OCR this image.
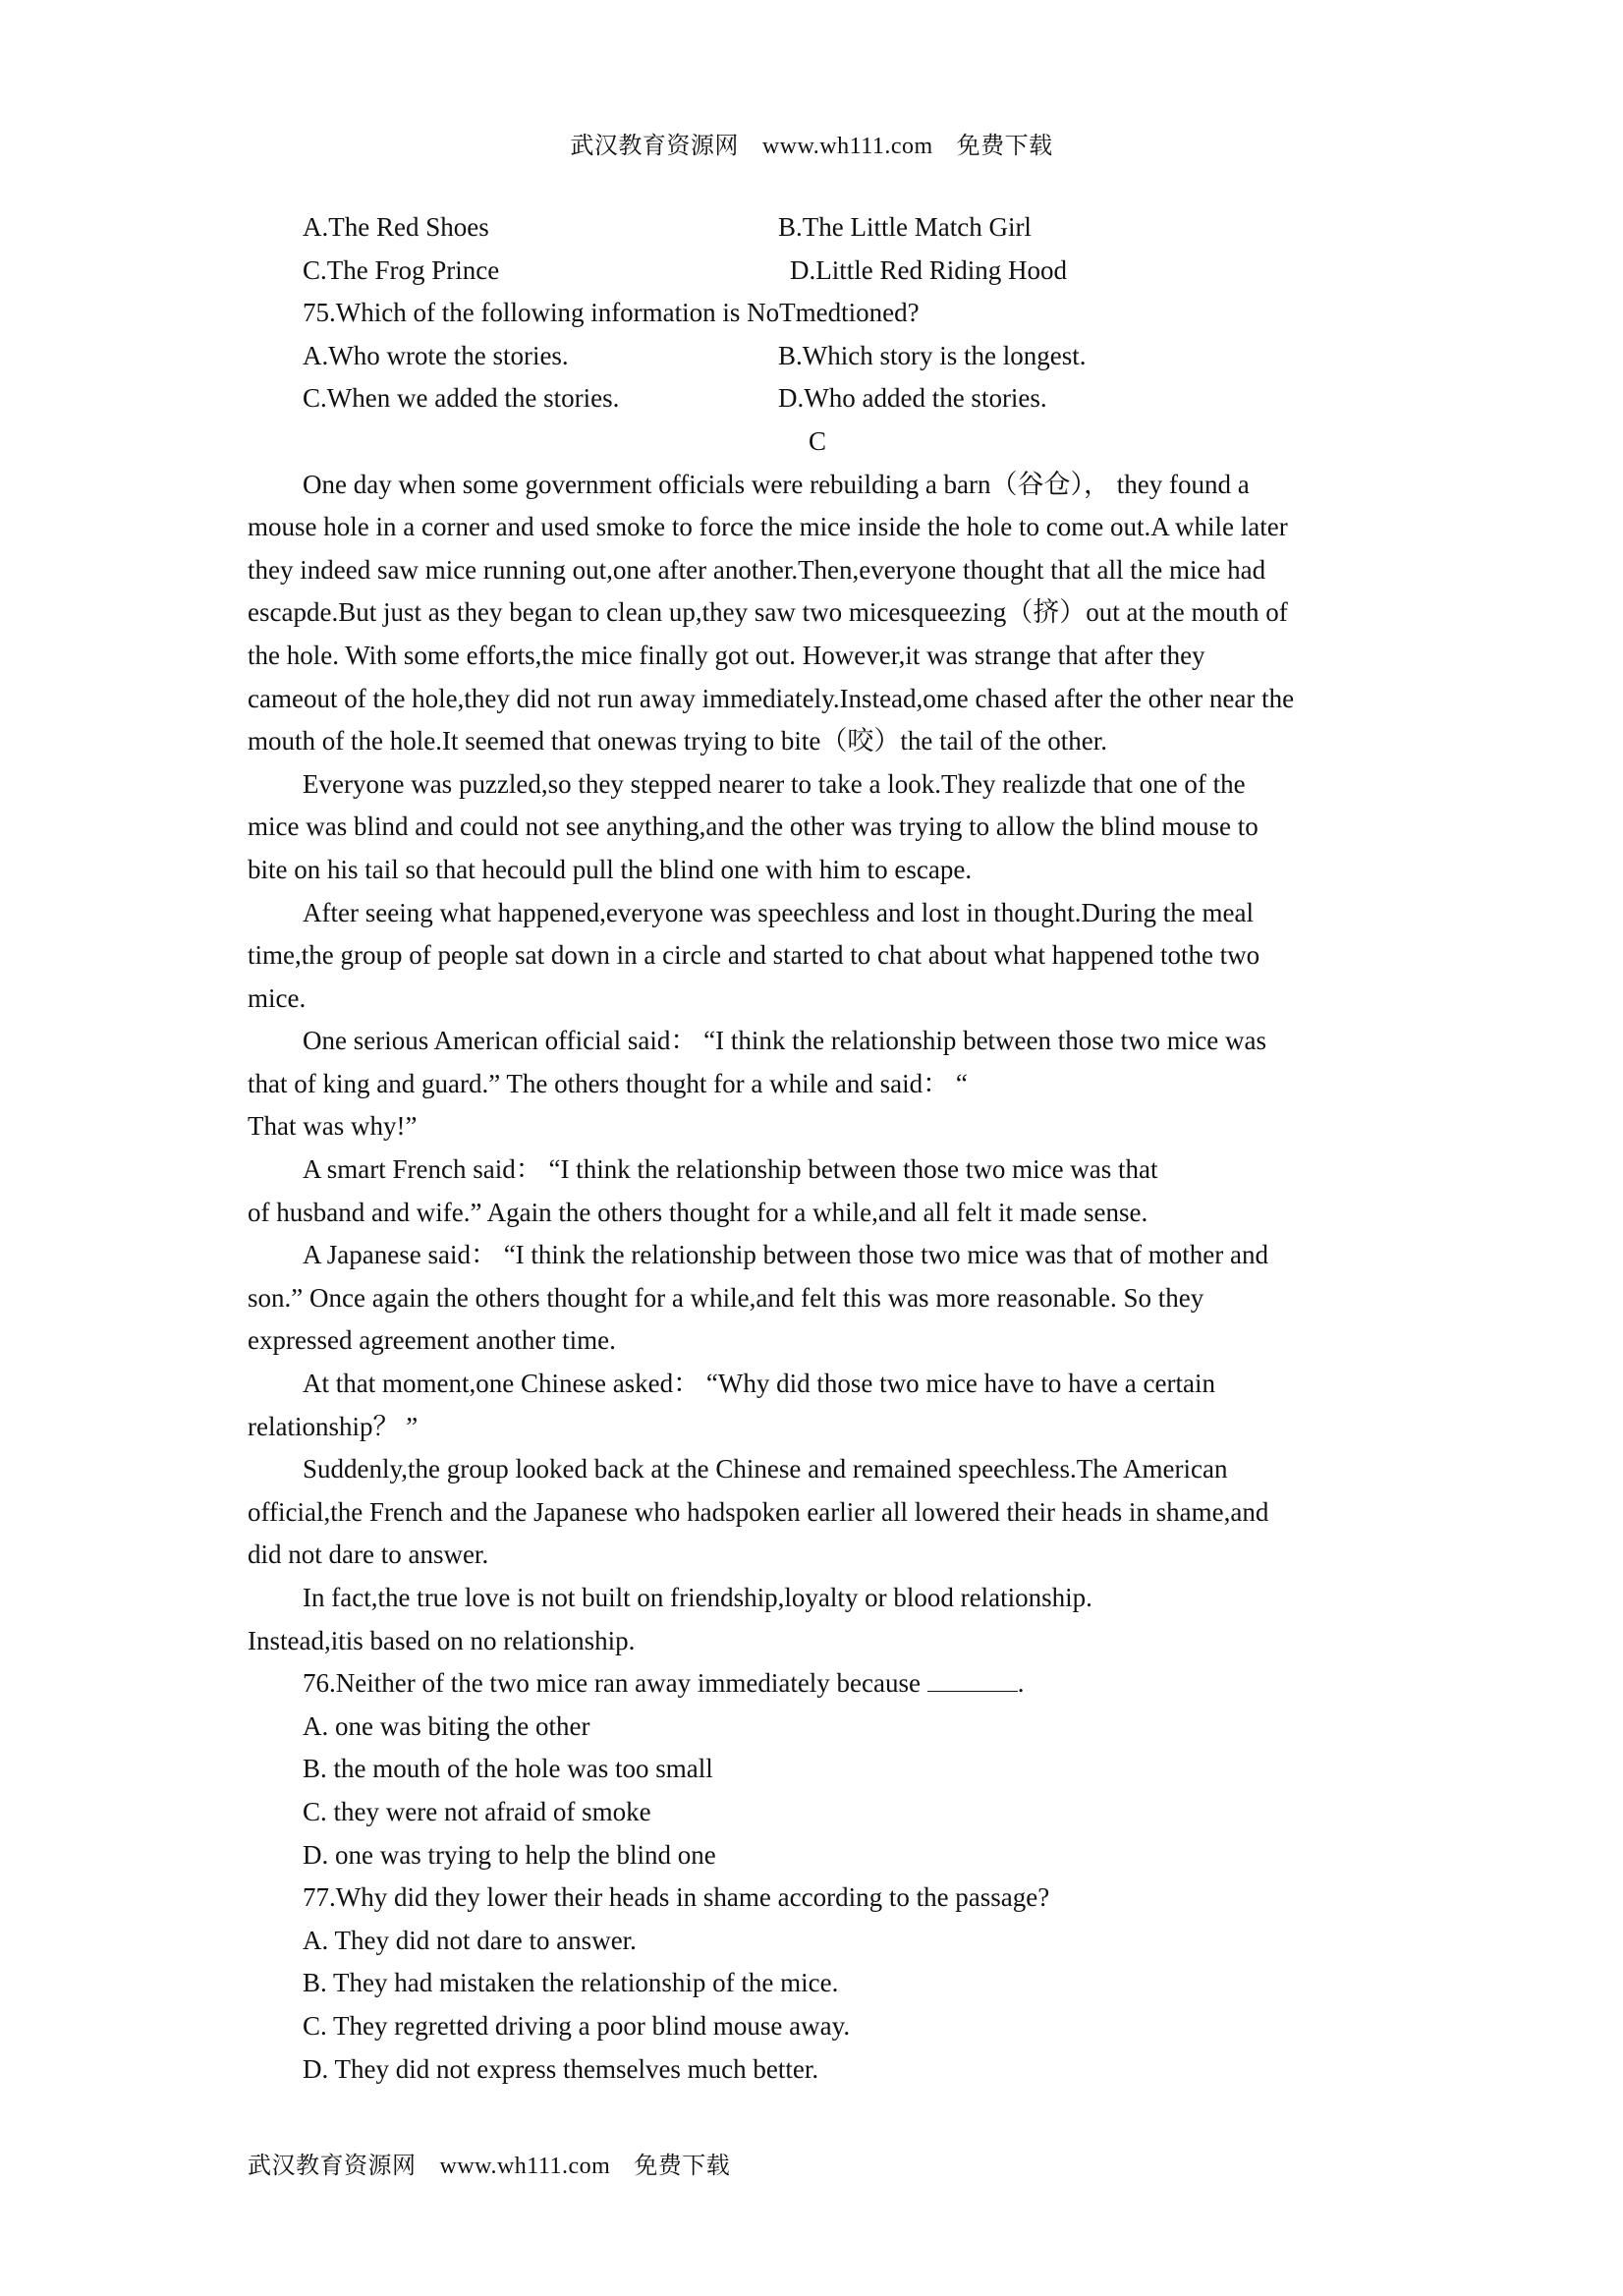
武汉教育资源网 www.wh111.com 免费下载
A.The Red Shoes	B.The Little Match Girl
C.The Frog Prince	D.Little Red Riding Hood
75.Which of the following information is NoTmedtioned?
A.Who wrote the stories.	B.Which story is the longest.
C.When we added the stories.	D.Who added the stories.
C
One day when some government officials were rebuilding a barn（谷仓）， they found a
mouse hole in a corner and used smoke to force the mice inside the hole to come out.A while later
they indeed saw mice running out,one after another.Then,everyone thought that all the mice had
escapde.But just as they began to clean up,they saw two micesqueezing（挤）out at the mouth of
the hole. With some efforts,the mice finally got out. However,it was strange that after they
cameout of the hole,they did not run away immediately.Instead,ome chased after the other near the
mouth of the hole.It seemed that onewas trying to bite（咬）the tail of the other.
Everyone was puzzled,so they stepped nearer to take a look.They realizde that one of the
mice was blind and could not see anything,and the other was trying to allow the blind mouse to
bite on his tail so that hecould pull the blind one with him to escape.
After seeing what happened,everyone was speechless and lost in thought.During the meal
time,the group of people sat down in a circle and started to chat about what happened tothe two
mice.
One serious American official said： “I think the relationship between those two mice was
that of king and guard.” The others thought for a while and said： “
That was why!”
A smart French said： “I think the relationship between those two mice was that
of husband and wife.” Again the others thought for a while,and all felt it made sense.
A Japanese said： “I think the relationship between those two mice was that of mother and
son.” Once again the others thought for a while,and felt this was more reasonable. So they
expressed agreement another time.
At that moment,one Chinese asked： “Why did those two mice have to have a certain
relationship？ ”
Suddenly,the group looked back at the Chinese and remained speechless.The American
official,the French and the Japanese who hadspoken earlier all lowered their heads in shame,and
did not dare to answer.
In fact,the true love is not built on friendship,loyalty or blood relationship.
Instead,itis based on no relationship.
76.Neither of the two mice ran away immediately because	.
A. one was biting the other
B. the mouth of the hole was too small
C. they were not afraid of smoke
D. one was trying to help the blind one
77.Why did they lower their heads in shame according to the passage?
A. They did not dare to answer.
B. They had mistaken the relationship of the mice.
C. They regretted driving a poor blind mouse away.
D. They did not express themselves much better.
武汉教育资源网 www.wh111.com 免费下载
